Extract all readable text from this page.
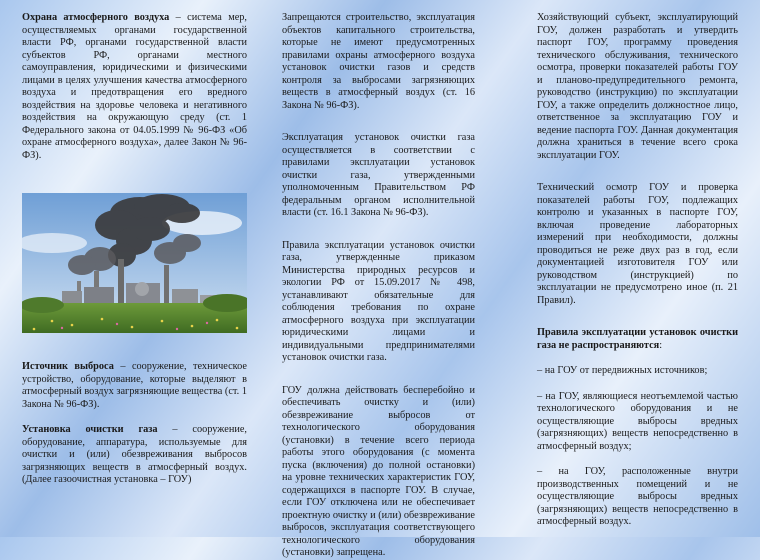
Охрана атмосферного воздуха – система мер, осуществляемых органами государственной власти РФ, органами государственной власти субъектов РФ, органами местного самоуправления, юридическими и физическими лицами в целях улучшения качества атмосферного воздуха и предотвращения его вредного воздействия на здоровье человека и негативного воздействия на окружающую среду (ст. 1 Федерального закона от 04.05.1999 № 96-ФЗ «Об охране атмосферного воздуха», далее Закон № 96-ФЗ).

Источник выброса – сооружение, техническое устройство, оборудование, которые выделяют в атмосферный воздух загрязняющие вещества (ст. 1 Закона № 96-ФЗ).

Установка очистки газа – сооружение, оборудование, аппаратура, используемые для очистки и (или) обезвреживания выбросов загрязняющих веществ в атмосферный воздух. (Далее газоочистная установка – ГОУ)

Запрещаются строительство, эксплуатация объектов капитального строительства, которые не имеют предусмотренных правилами охраны атмосферного воздуха установок очистки газов и средств контроля за выбросами загрязняющих веществ в атмосферный воздух (ст. 16 Закона № 96-ФЗ).

Эксплуатация установок очистки газа осуществляется в соответствии с правилами эксплуатации установок очистки газа, утвержденными уполномоченным Правительством РФ федеральным органом исполнительной власти (ст. 16.1 Закона № 96-ФЗ).

Правила эксплуатации установок очистки газа, утвержденные приказом Министерства природных ресурсов и экологии РФ от 15.09.2017 № 498, устанавливают обязательные для соблюдения требования по охране атмосферного воздуха при эксплуатации юридическими лицами и индивидуальными предпринимателями установок очистки газа.

ГОУ должна действовать бесперебойно и обеспечивать очистку и (или) обезвреживание выбросов от технологического оборудования (установки) в течение всего периода работы этого оборудования (с момента пуска (включения) до полной остановки) на уровне технических характеристик ГОУ, содержащихся в паспорте ГОУ. В случае, если ГОУ отключена или не обеспечивает проектную очистку и (или) обезвреживание выбросов, эксплуатация соответствующего технологического оборудования (установки) запрещена.

Хозяйствующий субъект, эксплуатирующий ГОУ, должен разработать и утвердить паспорт ГОУ, программу проведения технического обслуживания, технического осмотра, проверки показателей работы ГОУ и планово-предупредительного ремонта, руководство (инструкцию) по эксплуатации ГОУ, а также определить должностное лицо, ответственное за эксплуатацию ГОУ и ведение паспорта ГОУ. Данная документация должна храниться в течение всего срока эксплуатации ГОУ.

Технический осмотр ГОУ и проверка показателей работы ГОУ, подлежащих контролю и указанных в паспорте ГОУ, включая проведение лабораторных измерений при необходимости, должны проводиться не реже двух раз в год, если документацией изготовителя ГОУ или руководством (инструкцией) по эксплуатации не предусмотрено иное (п. 21 Правил).

Правила эксплуатации установок очистки газа не распространяются:

– на ГОУ от передвижных источников;

– на ГОУ, являющиеся неотъемлемой частью технологического оборудования и не осуществляющие выбросы вредных (загрязняющих) веществ непосредственно в атмосферный воздух;

– на ГОУ, расположенные внутри производственных помещений и не осуществляющие выбросы вредных (загрязняющих) веществ непосредственно в атмосферный воздух.
